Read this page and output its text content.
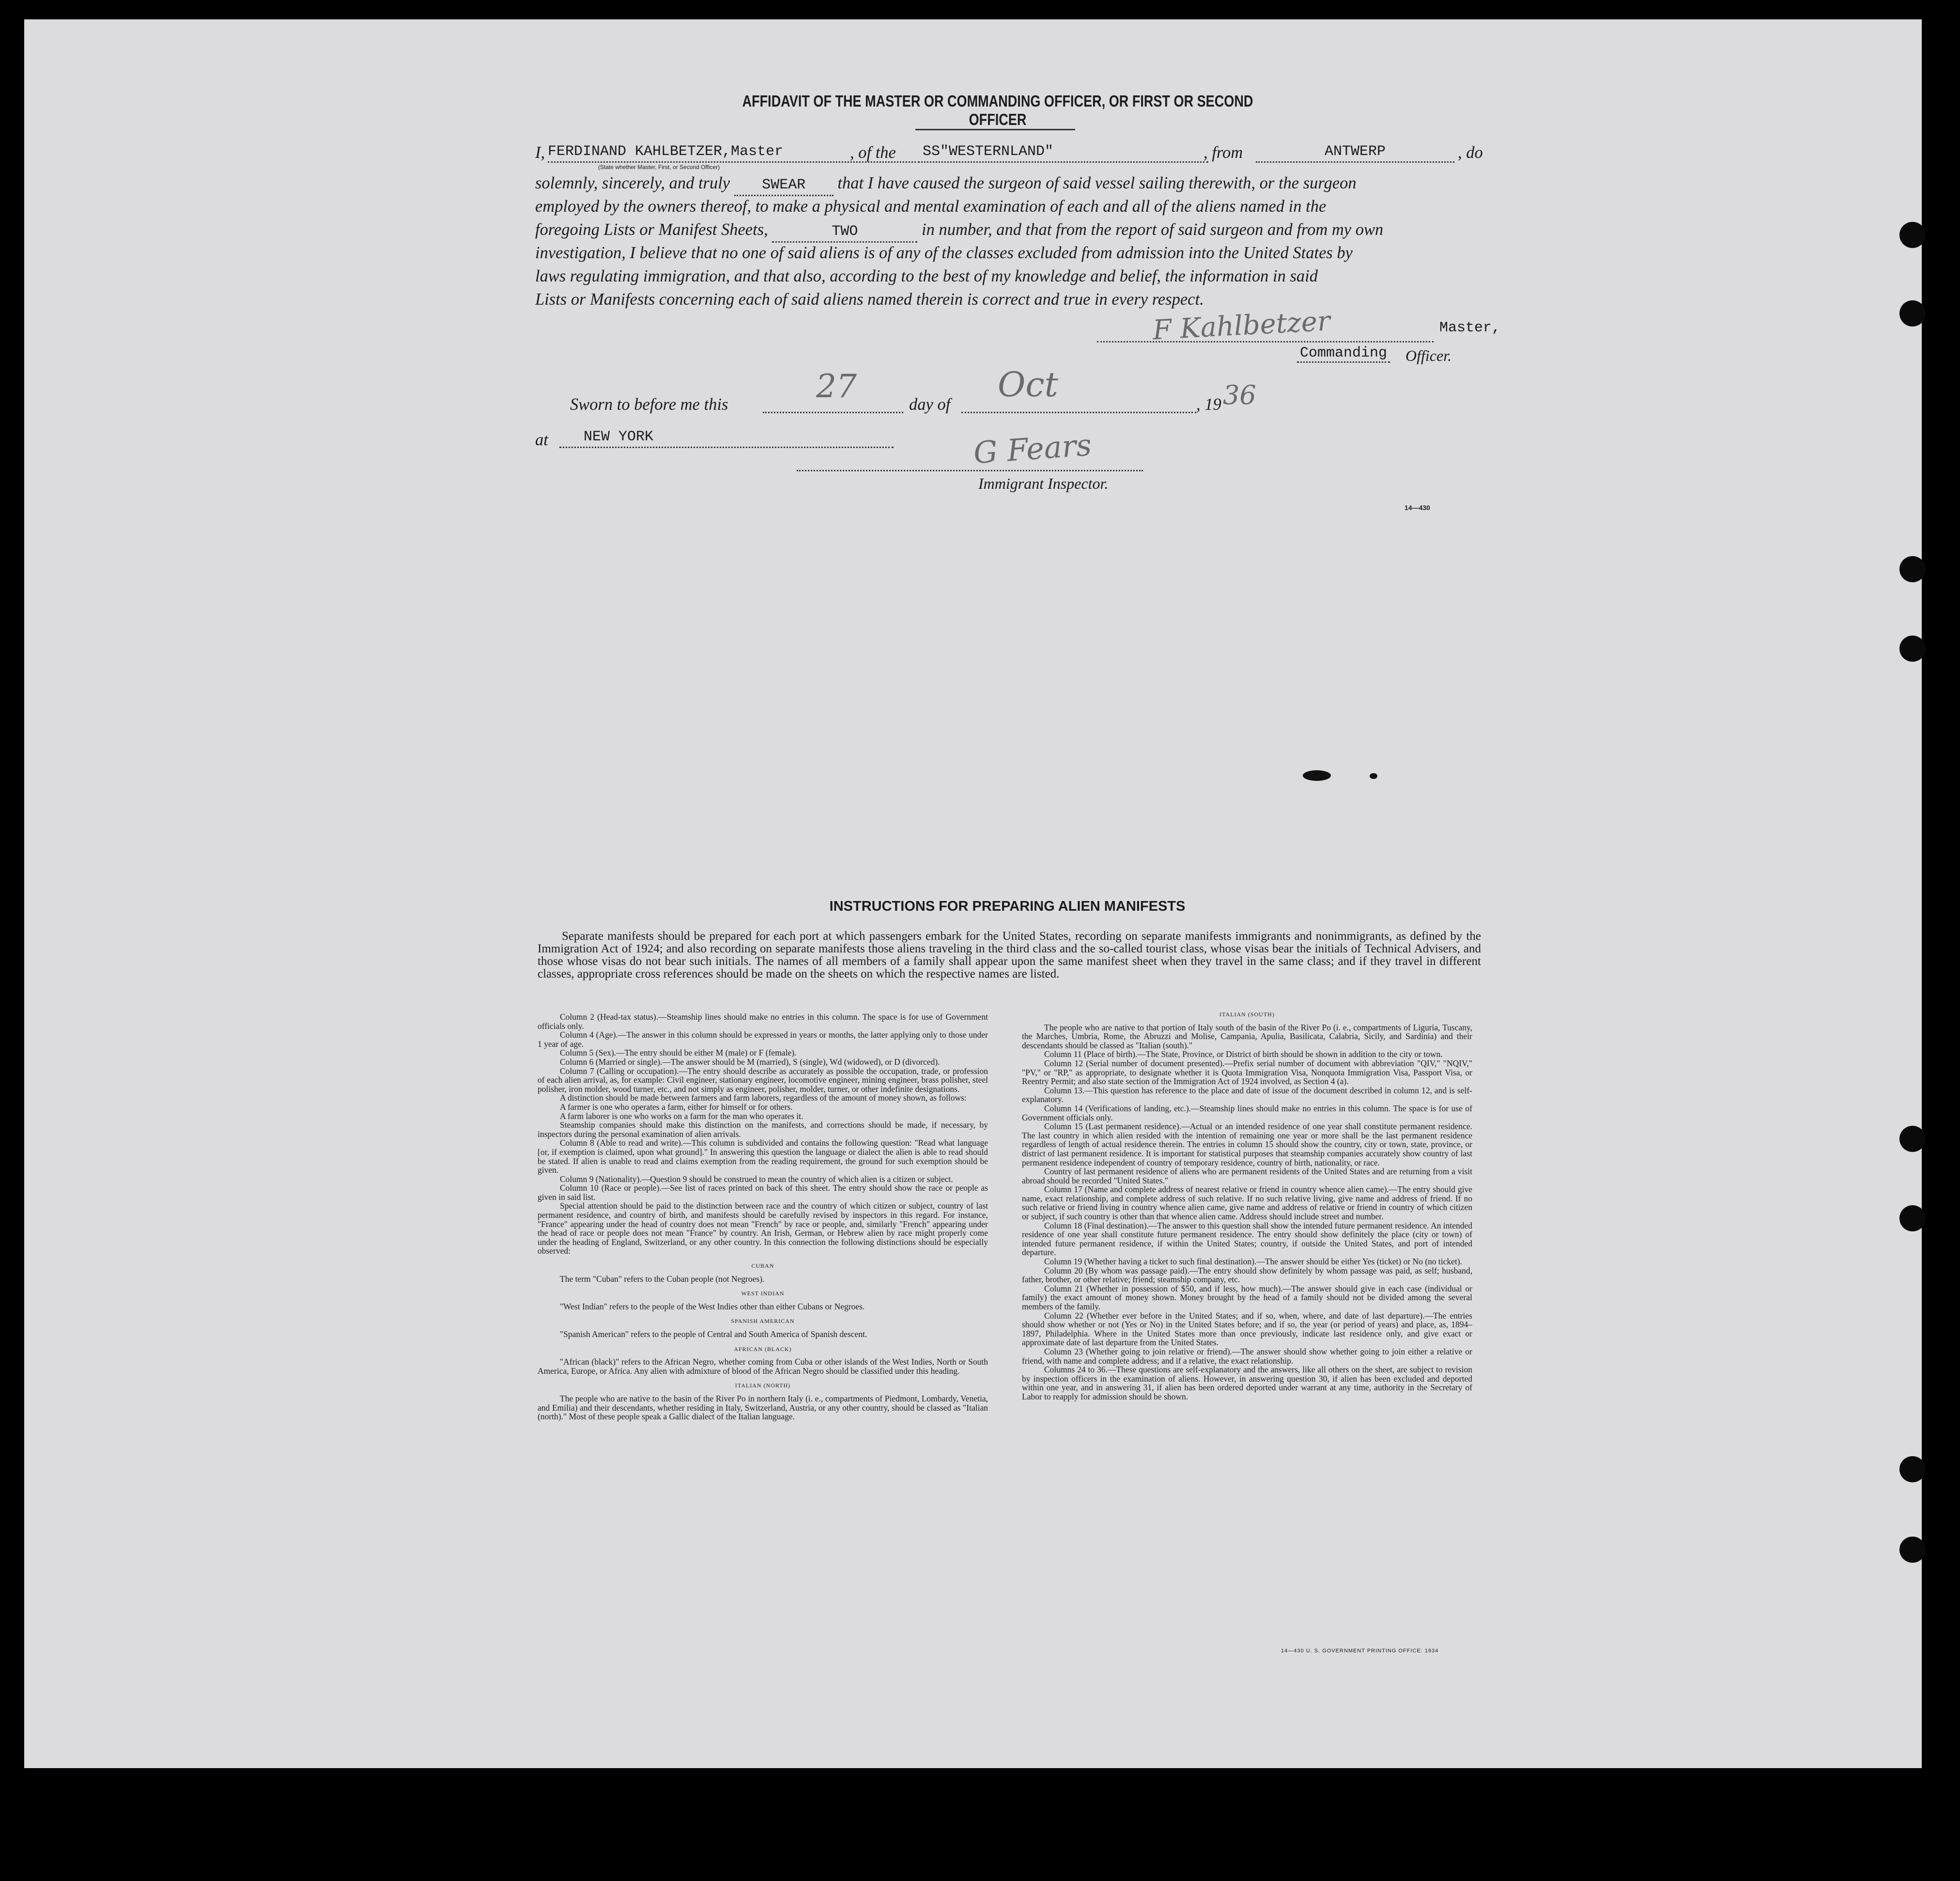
AFFIDAVIT OF THE MASTER OR COMMANDING OFFICER, OR FIRST OR SECOND OFFICER
I, FERDINAND KAHLBETZER,Master	, of the	SS"WESTERNLAND"	, from	ANTWERP	, do
(State whether Master, First, or Second Officer)
solemnly, sincerely, and truly SWEAR that I have caused the surgeon of said vessel sailing therewith, or the surgeon
employed by the owners thereof, to make a physical and mental examination of each and all of the aliens named in the
foregoing Lists or Manifest Sheets,	TWO	in number, and that from the report of said surgeon and from my own
investigation, I believe that no one of said aliens is of any of the classes excluded from admission into the United States by
laws regulating immigration, and that also, according to the best of my knowledge and belief, the information in said
Lists or Manifests concerning each of said aliens named therein is correct and true in every respect.
F Kahlbetzer	Master,
Commanding Officer.
Sworn to before me this	27	day of Oct	, 19 36
at	NEW YORK	G Fears
Immigrant Inspector.
14—430
INSTRUCTIONS FOR PREPARING ALIEN MANIFESTS
Separate manifests should be prepared for each port at which passengers embark for the United States, recording on separate manifests immigrants and nonimmigrants, as defined by the Immigration Act of 1924; and also recording on separate manifests those aliens traveling in the third class and the so-called tourist class, whose visas bear the initials of Technical Advisers, and those whose visas do not bear such initials. The names of all members of a family shall appear upon the same manifest sheet when they travel in the same class; and if they travel in different classes, appropriate cross references should be made on the sheets on which the respective names are listed.

Column 2 (Head-tax status).—Steamship lines should make no entries in this column. The space is for use of Government officials only.

Column 4 (Age).—The answer in this column should be expressed in years or months, the latter applying only to those under 1 year of age.

Column 5 (Sex).—The entry should be either M (male) or F (female).

Column 6 (Married or single).—The answer should be M (married), S (single), Wd (widowed), or D (divorced).

Column 7 (Calling or occupation).—The entry should describe as accurately as possible the occupation, trade, or profession of each alien arrival, as, for example: Civil engineer, stationary engineer, locomotive engineer, mining engineer, brass polisher, steel polisher, iron molder, wood turner, etc., and not simply as engineer, polisher, molder, turner, or other indefinite designations.

A distinction should be made between farmers and farm laborers, regardless of the amount of money shown, as follows:

A farmer is one who operates a farm, either for himself or for others.

A farm laborer is one who works on a farm for the man who operates it.

Steamship companies should make this distinction on the manifests, and corrections should be made, if necessary, by inspectors during the personal examination of alien arrivals.

Column 8 (Able to read and write).—This column is subdivided and contains the following question: "Read what language [or, if exemption is claimed, upon what ground]." In answering this question the language or dialect the alien is able to read should be stated. If alien is unable to read and claims exemption from the reading requirement, the ground for such exemption should be given.

Column 9 (Nationality).—Question 9 should be construed to mean the country of which alien is a citizen or subject.

Column 10 (Race or people).—See list of races printed on back of this sheet. The entry should show the race or people as given in said list.

Special attention should be paid to the distinction between race and the country of which citizen or subject, country of last permanent residence, and country of birth, and manifests should be carefully revised by inspectors in this regard. For instance, "France" appearing under the head of country does not mean "French" by race or people, and, similarly "French" appearing under the head of race or people does not mean "France" by country. An Irish, German, or Hebrew alien by race might properly come under the heading of England, Switzerland, or any other country. In this connection the following distinctions should be especially observed:

CUBAN

The term "Cuban" refers to the Cuban people (not Negroes).

WEST INDIAN

"West Indian" refers to the people of the West Indies other than either Cubans or Negroes.

SPANISH AMERICAN

"Spanish American" refers to the people of Central and South America of Spanish descent.

AFRICAN (BLACK)

"African (black)" refers to the African Negro, whether coming from Cuba or other islands of the West Indies, North or South America, Europe, or Africa. Any alien with admixture of blood of the African Negro should be classified under this heading.

ITALIAN (NORTH)

The people who are native to the basin of the River Po in northern Italy (i. e., compartments of Piedmont, Lombardy, Venetia, and Emilia) and their descendants, whether residing in Italy, Switzerland, Austria, or any other country, should be classed as "Italian (north)." Most of these people speak a Gallic dialect of the Italian language.

ITALIAN (SOUTH)

The people who are native to that portion of Italy south of the basin of the River Po (i. e., compartments of Liguria, Tuscany, the Marches, Umbria, Rome, the Abruzzi and Molise, Campania, Apulia, Basilicata, Calabria, Sicily, and Sardinia) and their descendants should be classed as "Italian (south)."

Column 11 (Place of birth).—The State, Province, or District of birth should be shown in addition to the city or town.

Column 12 (Serial number of document presented).—Prefix serial number of document with abbreviation "QIV," "NQIV," "PV," or "RP," as appropriate, to designate whether it is Quota Immigration Visa, Nonquota Immigration Visa, Passport Visa, or Reentry Permit; and also state section of the Immigration Act of 1924 involved, as Section 4 (a).

Column 13.—This question has reference to the place and date of issue of the document described in column 12, and is self-explanatory.

Column 14 (Verifications of landing, etc.).—Steamship lines should make no entries in this column. The space is for use of Government officials only.

Column 15 (Last permanent residence).—Actual or an intended residence of one year shall constitute permanent residence. The last country in which alien resided with the intention of remaining one year or more shall be the last permanent residence regardless of length of actual residence therein. The entries in column 15 should show the country, city or town, state, province, or district of last permanent residence. It is important for statistical purposes that steamship companies accurately show country of last permanent residence independent of country of temporary residence, country of birth, nationality, or race.

Country of last permanent residence of aliens who are permanent residents of the United States and are returning from a visit abroad should be recorded "United States."

Column 17 (Name and complete address of nearest relative or friend in country whence alien came).—The entry should give name, exact relationship, and complete address of such relative. If no such relative living, give name and address of friend. If no such relative or friend living in country whence alien came, give name and address of relative or friend in country of which citizen or subject, if such country is other than that whence alien came. Address should include street and number.

Column 18 (Final destination).—The answer to this question shall show the intended future permanent residence. An intended residence of one year shall constitute future permanent residence. The entry should show definitely the place (city or town) of intended future permanent residence, if within the United States; country, if outside the United States, and port of intended departure.

Column 19 (Whether having a ticket to such final destination).—The answer should be either Yes (ticket) or No (no ticket).

Column 20 (By whom was passage paid).—The entry should show definitely by whom passage was paid, as self; husband, father, brother, or other relative; friend; steamship company, etc.

Column 21 (Whether in possession of $50, and if less, how much).—The answer should give in each case (individual or family) the exact amount of money shown. Money brought by the head of a family should not be divided among the several members of the family.

Column 22 (Whether ever before in the United States; and if so, when, where, and date of last departure).—The entries should show whether or not (Yes or No) in the United States before; and if so, the year (or period of years) and place, as, 1894–1897, Philadelphia. Where in the United States more than once previously, indicate last residence only, and give exact or approximate date of last departure from the United States.

Column 23 (Whether going to join relative or friend).—The answer should show whether going to join either a relative or friend, with name and complete address; and if a relative, the exact relationship.

Columns 24 to 36.—These questions are self-explanatory and the answers, like all others on the sheet, are subject to revision by inspection officers in the examination of aliens. However, in answering question 30, if alien has been excluded and deported within one year, and in answering 31, if alien has been ordered deported under warrant at any time, authority in the Secretary of Labor to reapply for admission should be shown.

14—430 U. S. GOVERNMENT PRINTING OFFICE: 1934
